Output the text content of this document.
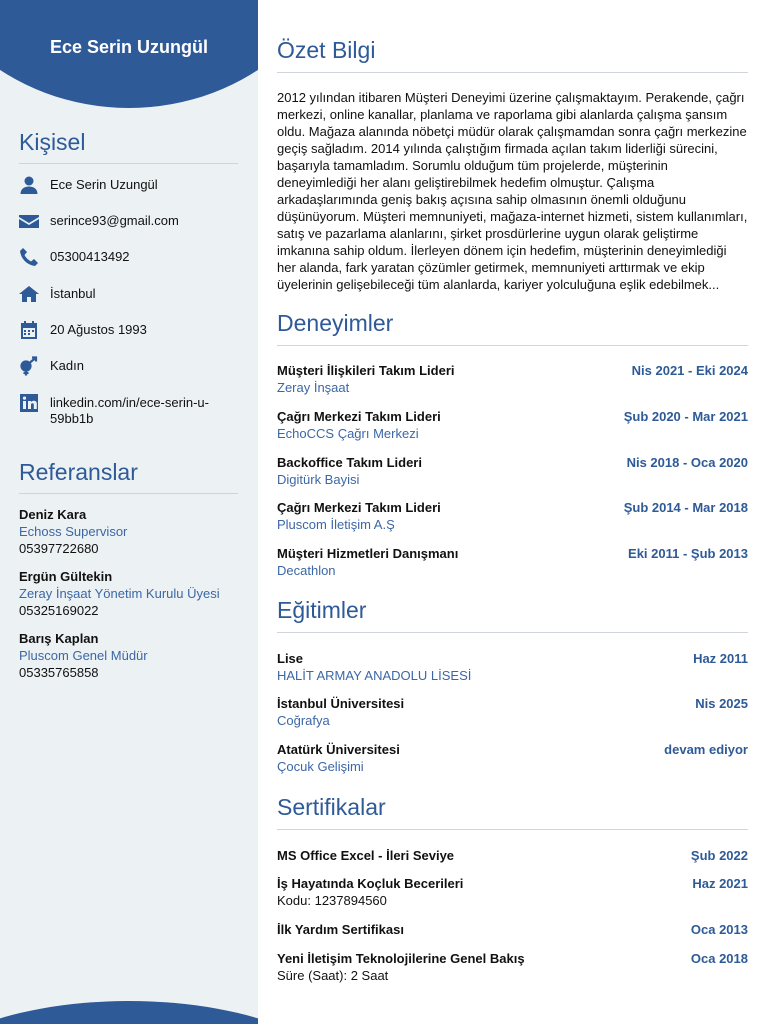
Ece Serin Uzungül
Kişisel
Ece Serin Uzungül
serince93@gmail.com
05300413492
İstanbul
20 Ağustos 1993
Kadın
linkedin.com/in/ece-serin-u-59bb1b
Referanslar
Deniz Kara
Echoss Supervisor
05397722680
Ergün Gültekin
Zeray İnşaat Yönetim Kurulu Üyesi
05325169022
Barış Kaplan
Pluscom Genel Müdür
05335765858
Özet Bilgi
2012 yılından itibaren Müşteri Deneyimi üzerine çalışmaktayım. Perakende, çağrı merkezi, online kanallar, planlama ve raporlama gibi alanlarda çalışma şansım oldu. Mağaza alanında nöbetçi müdür olarak çalışmamdan sonra çağrı merkezine geçiş sağladım. 2014 yılında çalıştığım firmada açılan takım liderliği sürecini, başarıyla tamamladım. Sorumlu olduğum tüm projelerde, müşterinin deneyimlediği her alanı geliştirebilmek hedefim olmuştur. Çalışma arkadaşlarımında geniş bakış açısına sahip olmasının önemli olduğunu düşünüyorum. Müşteri memnuniyeti, mağaza-internet hizmeti, sistem kullanımları, satış ve pazarlama alanlarını, şirket prosdürlerine uygun olarak geliştirme imkanına sahip oldum. İlerleyen dönem için hedefim, müşterinin deneyimlediği her alanda, fark yaratan çözümler getirmek, memnuniyeti arttırmak ve ekip üyelerinin gelişebileceği tüm alanlarda, kariyer yolculuğuna eşlik edebilmek...
Deneyimler
Müşteri İlişkileri Takım Lideri	Nis 2021 - Eki 2024
Zeray İnşaat
Çağrı Merkezi Takım Lideri	Şub 2020 - Mar 2021
EchoCCS Çağrı Merkezi
Backoffice Takım Lideri	Nis 2018 - Oca 2020
Digitürk Bayisi
Çağrı Merkezi Takım Lideri	Şub 2014 - Mar 2018
Pluscom İletişim A.Ş
Müşteri Hizmetleri Danışmanı	Eki 2011 - Şub 2013
Decathlon
Eğitimler
Lise	Haz 2011
HALİT ARMAY ANADOLU LİSESİ
İstanbul Üniversitesi	Nis 2025
Coğrafya
Atatürk Üniversitesi	devam ediyor
Çocuk Gelişimi
Sertifikalar
MS Office Excel - İleri Seviye	Şub 2022
İş Hayatında Koçluk Becerileri	Haz 2021
Kodu: 1237894560
İlk Yardım Sertifikası	Oca 2013
Yeni İletişim Teknolojilerine Genel Bakış	Oca 2018
Süre (Saat): 2 Saat
